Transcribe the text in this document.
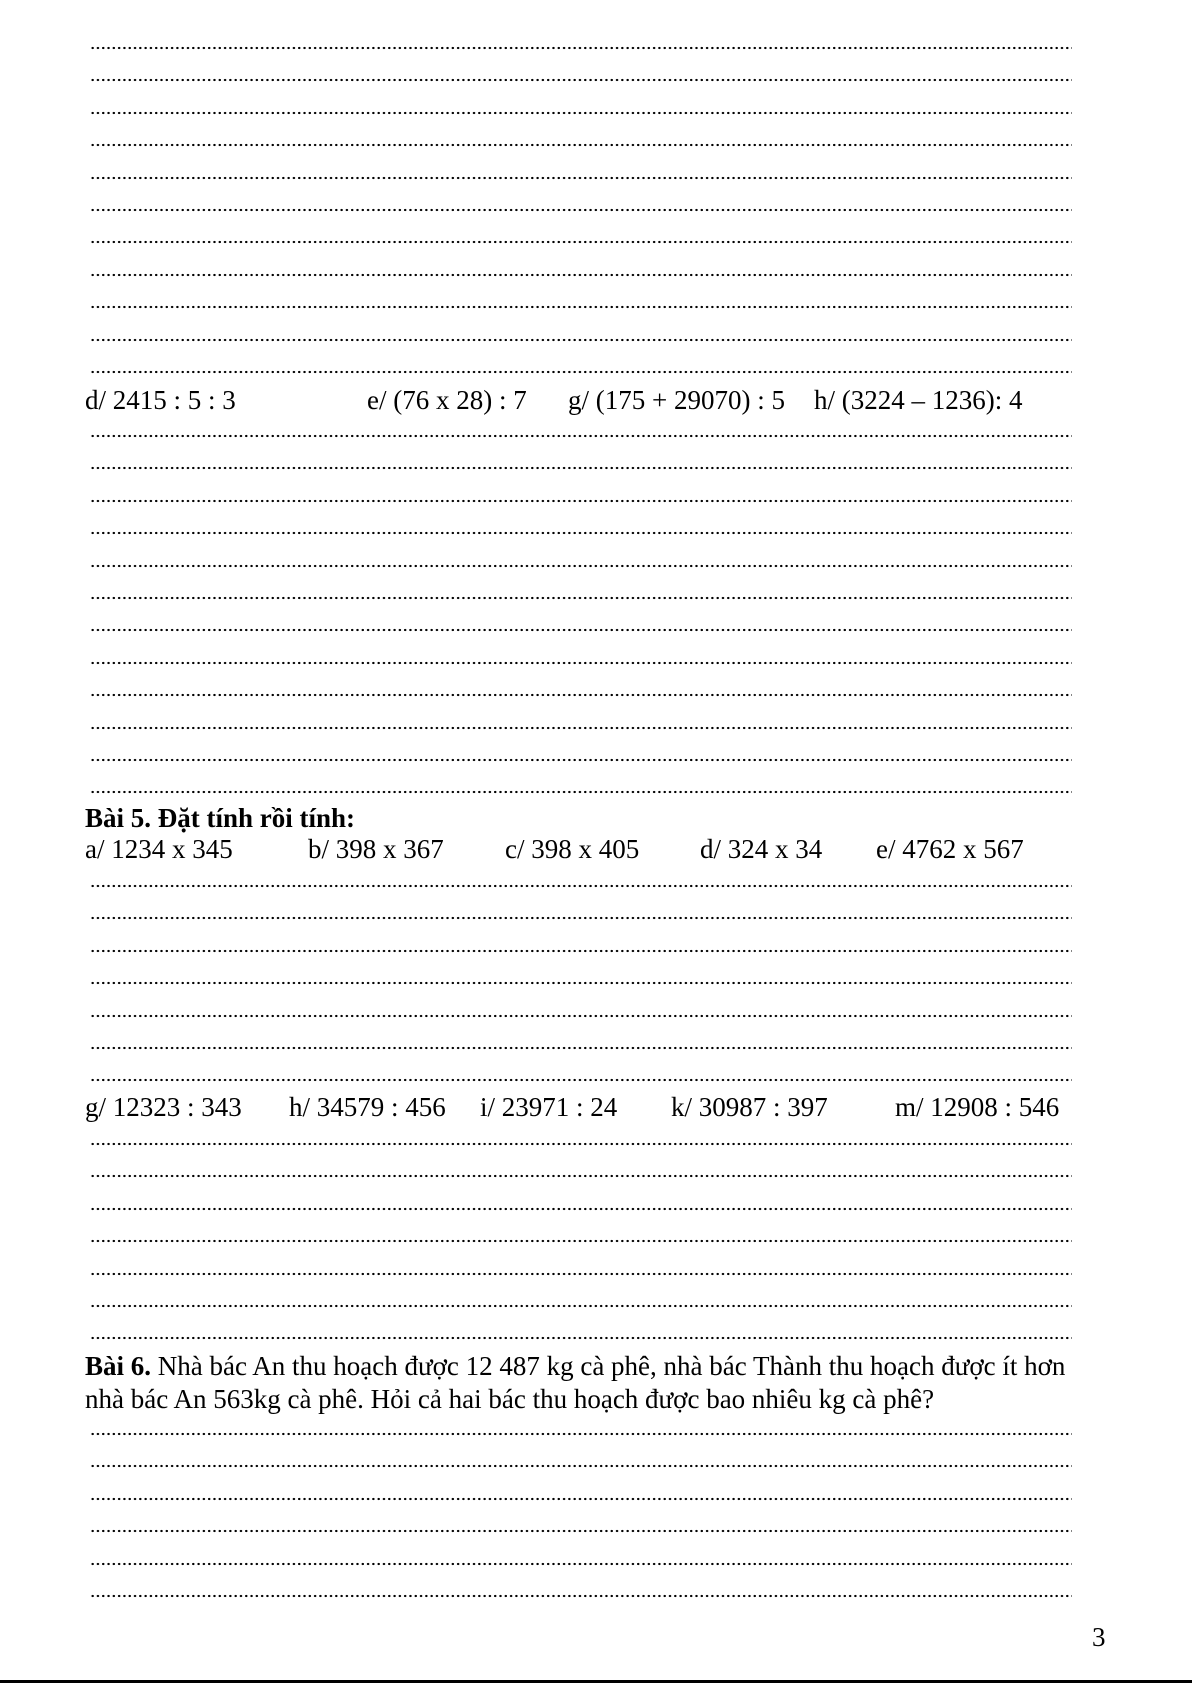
d/ 2415 : 5 : 3	e/ (76 x 28) : 7 g/ (175 + 29070) : 5 h/ (3224 – 1236): 4
Bài 5. Đặt tính rồi tính:
a/ 1234 x 345	b/ 398 x 367 c/ 398 x 405 d/ 324 x 34 e/ 4762 x 567
g/ 12323 : 343 h/ 34579 : 456 i/ 23971 : 24 k/ 30987 : 397 m/ 12908 : 546
Bài 6. Nhà bác An thu hoạch được 12 487 kg cà phê, nhà bác Thành thu hoạch được ít hơn
nhà bác An 563kg cà phê. Hỏi cả hai bác thu hoạch được bao nhiêu kg cà phê?
3
